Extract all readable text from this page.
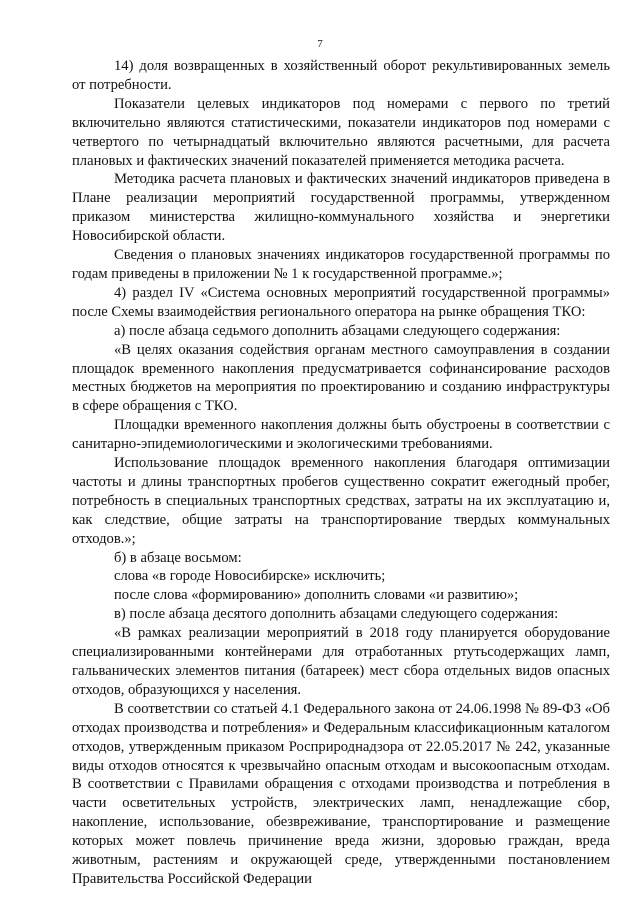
7

14) доля возвращенных в хозяйственный оборот рекультивированных земель от потребности.

Показатели целевых индикаторов под номерами с первого по третий включительно являются статистическими, показатели индикаторов под номерами с четвертого по четырнадцатый включительно являются расчетными, для расчета плановых и фактических значений показателей применяется методика расчета.

Методика расчета плановых и фактических значений индикаторов приведена в Плане реализации мероприятий государственной программы, утвержденном приказом министерства жилищно-коммунального хозяйства и энергетики Новосибирской области.

Сведения о плановых значениях индикаторов государственной программы по годам приведены в приложении № 1 к государственной программе.»;

4) раздел IV «Система основных мероприятий государственной программы» после Схемы взаимодействия регионального оператора на рынке обращения ТКО:

а) после абзаца седьмого дополнить абзацами следующего содержания:

«В целях оказания содействия органам местного самоуправления в создании площадок временного накопления предусматривается софинансирование расходов местных бюджетов на мероприятия по проектированию и созданию инфраструктуры в сфере обращения с ТКО.

Площадки временного накопления должны быть обустроены в соответствии с санитарно-эпидемиологическими и экологическими требованиями.

Использование площадок временного накопления благодаря оптимизации частоты и длины транспортных пробегов существенно сократит ежегодный пробег, потребность в специальных транспортных средствах, затраты на их эксплуатацию и, как следствие, общие затраты на транспортирование твердых коммунальных отходов.»;

б) в абзаце восьмом:

слова «в городе Новосибирске» исключить;

после слова «формированию» дополнить словами «и развитию»;

в) после абзаца десятого дополнить абзацами следующего содержания:

«В рамках реализации мероприятий в 2018 году планируется оборудование специализированными контейнерами для отработанных ртутьсодержащих ламп, гальванических элементов питания (батареек) мест сбора отдельных видов опасных отходов, образующихся у населения.

В соответствии со статьей 4.1 Федерального закона от 24.06.1998 № 89-ФЗ «Об отходах производства и потребления» и Федеральным классификационным каталогом отходов, утвержденным приказом Росприроднадзора от 22.05.2017 № 242, указанные виды отходов относятся к чрезвычайно опасным отходам и высокоопасным отходам. В соответствии с Правилами обращения с отходами производства и потребления в части осветительных устройств, электрических ламп, ненадлежащие сбор, накопление, использование, обезвреживание, транспортирование и размещение которых может повлечь причинение вреда жизни, здоровью граждан, вреда животным, растениям и окружающей среде, утвержденными постановлением Правительства Российской Федерации
